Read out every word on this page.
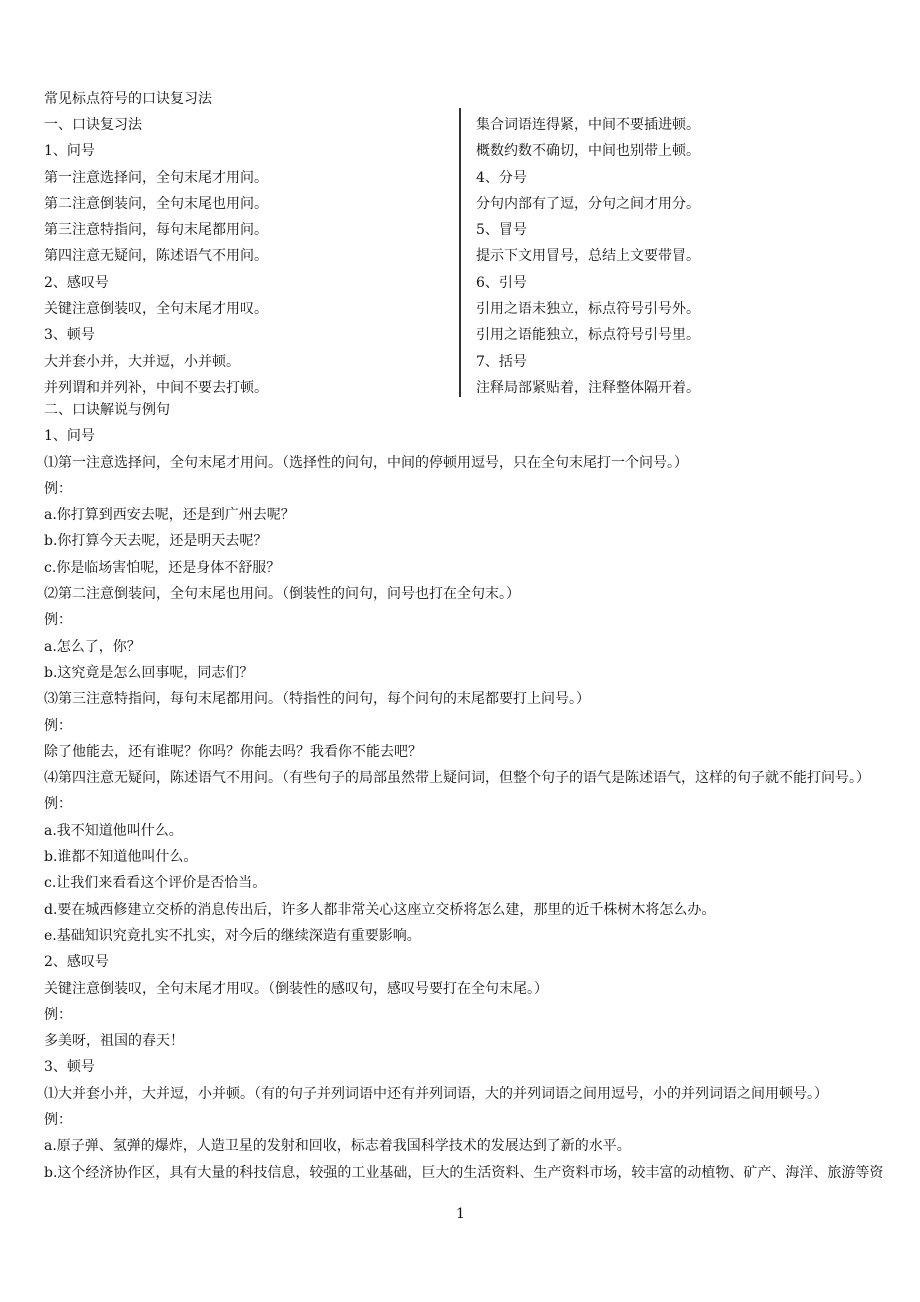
常见标点符号的口诀复习法
一、口诀复习法
1、问号
第一注意选择问，全句末尾才用问。
第二注意倒装问，全句末尾也用问。
第三注意特指问，每句末尾都用问。
第四注意无疑问，陈述语气不用问。
2、感叹号
关键注意倒装叹，全句末尾才用叹。
3、顿号
大并套小并，大并逗，小并顿。
并列谓和并列补，中间不要去打顿。
集合词语连得紧，中间不要插进顿。
概数约数不确切，中间也别带上顿。
4、分号
分句内部有了逗，分句之间才用分。
5、冒号
提示下文用冒号，总结上文要带冒。
6、引号
引用之语未独立，标点符号引号外。
引用之语能独立，标点符号引号里。
7、括号
注释局部紧贴着，注释整体隔开着。
二、口诀解说与例句
1、问号
⑴第一注意选择问，全句末尾才用问。（选择性的问句，中间的停顿用逗号，只在全句末尾打一个问号。）
例：
a.你打算到西安去呢，还是到广州去呢？
b.你打算今天去呢，还是明天去呢？
c.你是临场害怕呢，还是身体不舒服？
⑵第二注意倒装问，全句末尾也用问。（倒装性的问句，问号也打在全句末。）
例：
a.怎么了，你？
b.这究竟是怎么回事呢，同志们？
⑶第三注意特指问，每句末尾都用问。（特指性的问句，每个问句的末尾都要打上问号。）
例：
除了他能去，还有谁呢？你吗？你能去吗？我看你不能去吧？
⑷第四注意无疑问，陈述语气不用问。（有些句子的局部虽然带上疑问词，但整个句子的语气是陈述语气，这样的句子就不能打问号。）
例：
a.我不知道他叫什么。
b.谁都不知道他叫什么。
c.让我们来看看这个评价是否恰当。
d.要在城西修建立交桥的消息传出后，许多人都非常关心这座立交桥将怎么建，那里的近千株树木将怎么办。
e.基础知识究竟扎实不扎实，对今后的继续深造有重要影响。
2、感叹号
关键注意倒装叹，全句末尾才用叹。（倒装性的感叹句，感叹号要打在全句末尾。）
例：
多美呀，祖国的春天！
3、顿号
⑴大并套小并，大并逗，小并顿。（有的句子并列词语中还有并列词语，大的并列词语之间用逗号，小的并列词语之间用顿号。）
例：
a.原子弹、氢弹的爆炸，人造卫星的发射和回收，标志着我国科学技术的发展达到了新的水平。
b.这个经济协作区，具有大量的科技信息，较强的工业基础，巨大的生活资料、生产资料市场，较丰富的动植物、矿产、海洋、旅游等资
1
